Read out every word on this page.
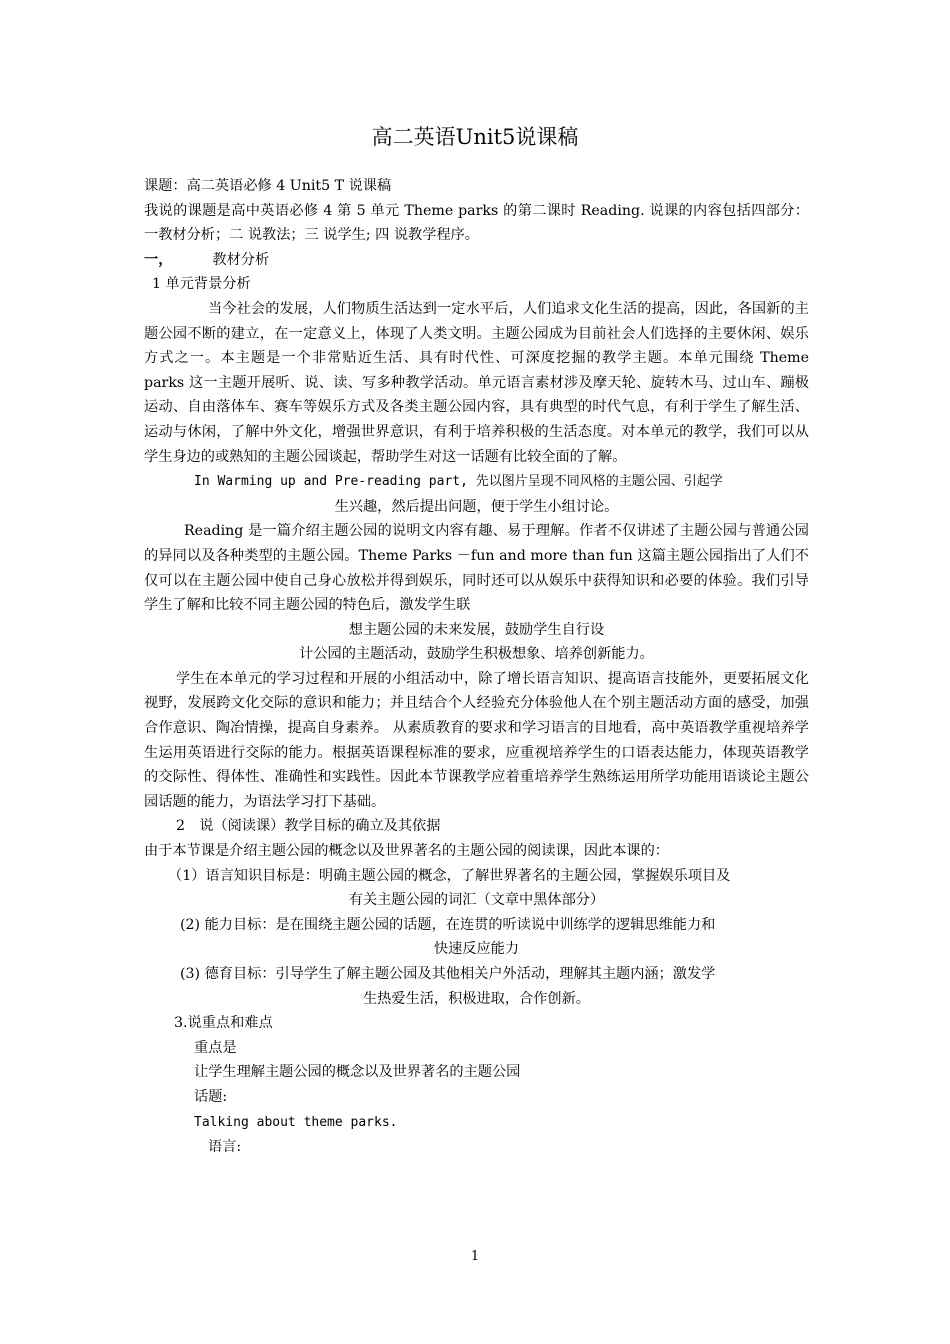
高二英语Unit5说课稿

课题：高二英语必修 4 Unit5 T 说课稿

我说的课题是高中英语必修 4 第 5 单元 Theme parks 的第二课时 Reading. 说课的内容包括四部分：一教材分析；二 说教法；三 说学生; 四 说教学程序。

一，	教材分析

1 单元背景分析

当今社会的发展，人们物质生活达到一定水平后，人们追求文化生活的提高，因此，各国新的主题公园不断的建立，在一定意义上，体现了人类文明。主题公园成为目前社会人们选择的主要休闲、娱乐方式之一。本主题是一个非常贴近生活、具有时代性、可深度挖掘的教学主题。本单元围绕 Theme parks 这一主题开展听、说、读、写多种教学活动。单元语言素材涉及摩天轮、旋转木马、过山车、蹦极运动、自由落体车、赛车等娱乐方式及各类主题公园内容，具有典型的时代气息，有利于学生了解生活、运动与休闲，了解中外文化，增强世界意识，有利于培养积极的生活态度。对本单元的教学，我们可以从学生身边的或熟知的主题公园谈起，帮助学生对这一话题有比较全面的了解。

In Warming up and Pre-reading part, 先以图片呈现不同风格的主题公园、引起学

生兴趣，然后提出问题，便于学生小组讨论。

Reading 是一篇介绍主题公园的说明文内容有趣、易于理解。作者不仅讲述了主题公园与普通公园的异同以及各种类型的主题公园。Theme Parks －fun and more than fun 这篇主题公园指出了人们不仅可以在主题公园中使自己身心放松并得到娱乐，同时还可以从娱乐中获得知识和必要的体验。我们引导学生了解和比较不同主题公园的特色后，激发学生联

想主题公园的未来发展，鼓励学生自行设

计公园的主题活动，鼓励学生积极想象、培养创新能力。

学生在本单元的学习过程和开展的小组活动中，除了增长语言知识、提高语言技能外，更要拓展文化视野，发展跨文化交际的意识和能力；并且结合个人经验充分体验他人在个别主题活动方面的感受，加强合作意识、陶冶情操，提高自身素养。 从素质教育的要求和学习语言的目地看，高中英语教学重视培养学生运用英语进行交际的能力。根据英语课程标准的要求，应重视培养学生的口语表达能力，体现英语教学的交际性、得体性、准确性和实践性。因此本节课教学应着重培养学生熟练运用所学功能用语谈论主题公园话题的能力，为语法学习打下基础。

2　说（阅读课）教学目标的确立及其依据

由于本节课是介绍主题公园的概念以及世界著名的主题公园的阅读课，因此本课的：

（1）语言知识目标是：明确主题公园的概念，了解世界著名的主题公园，掌握娱乐项目及

有关主题公园的词汇（文章中黑体部分）

(2) 能力目标：是在围绕主题公园的话题，在连贯的听读说中训练学的逻辑思维能力和

快速反应能力

(3) 德育目标：引导学生了解主题公园及其他相关户外活动，理解其主题内涵；激发学

生热爱生活，积极进取，合作创新。

3.说重点和难点

重点是

让学生理解主题公园的概念以及世界著名的主题公园

话题:

Talking about theme parks.

语言:

1
